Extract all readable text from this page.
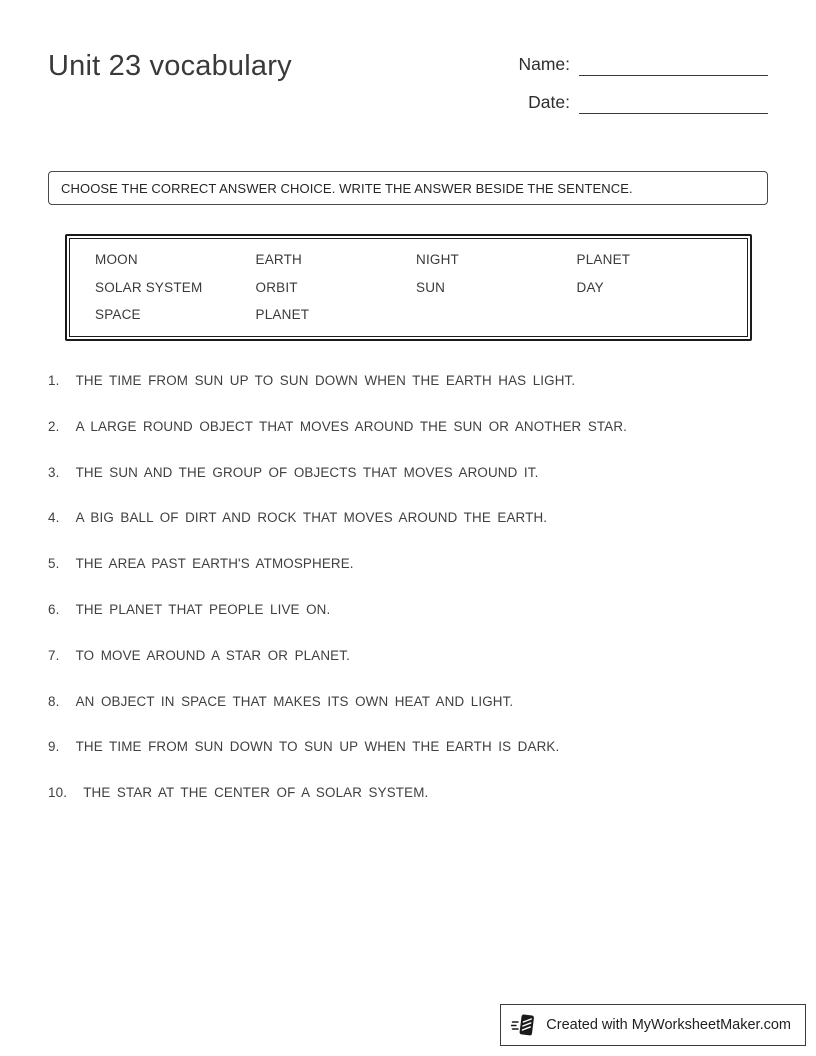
Unit 23 vocabulary	Name:
Date:
CHOOSE THE CORRECT ANSWER CHOICE. WRITE THE ANSWER BESIDE THE SENTENCE.
MOON	EARTH	NIGHT	PLANET
SOLAR SYSTEM	ORBIT	SUN	DAY
SPACE	PLANET
1. THE TIME FROM SUN UP TO SUN DOWN WHEN THE EARTH HAS LIGHT.
2. A LARGE ROUND OBJECT THAT MOVES AROUND THE SUN OR ANOTHER STAR.
3. THE SUN AND THE GROUP OF OBJECTS THAT MOVES AROUND IT.
4. A BIG BALL OF DIRT AND ROCK THAT MOVES AROUND THE EARTH.
5. THE AREA PAST EARTH'S ATMOSPHERE.
6. THE PLANET THAT PEOPLE LIVE ON.
7. TO MOVE AROUND A STAR OR PLANET.
8. AN OBJECT IN SPACE THAT MAKES ITS OWN HEAT AND LIGHT.
9. THE TIME FROM SUN DOWN TO SUN UP WHEN THE EARTH IS DARK.
10. THE STAR AT THE CENTER OF A SOLAR SYSTEM.
Created with MyWorksheetMaker.com
